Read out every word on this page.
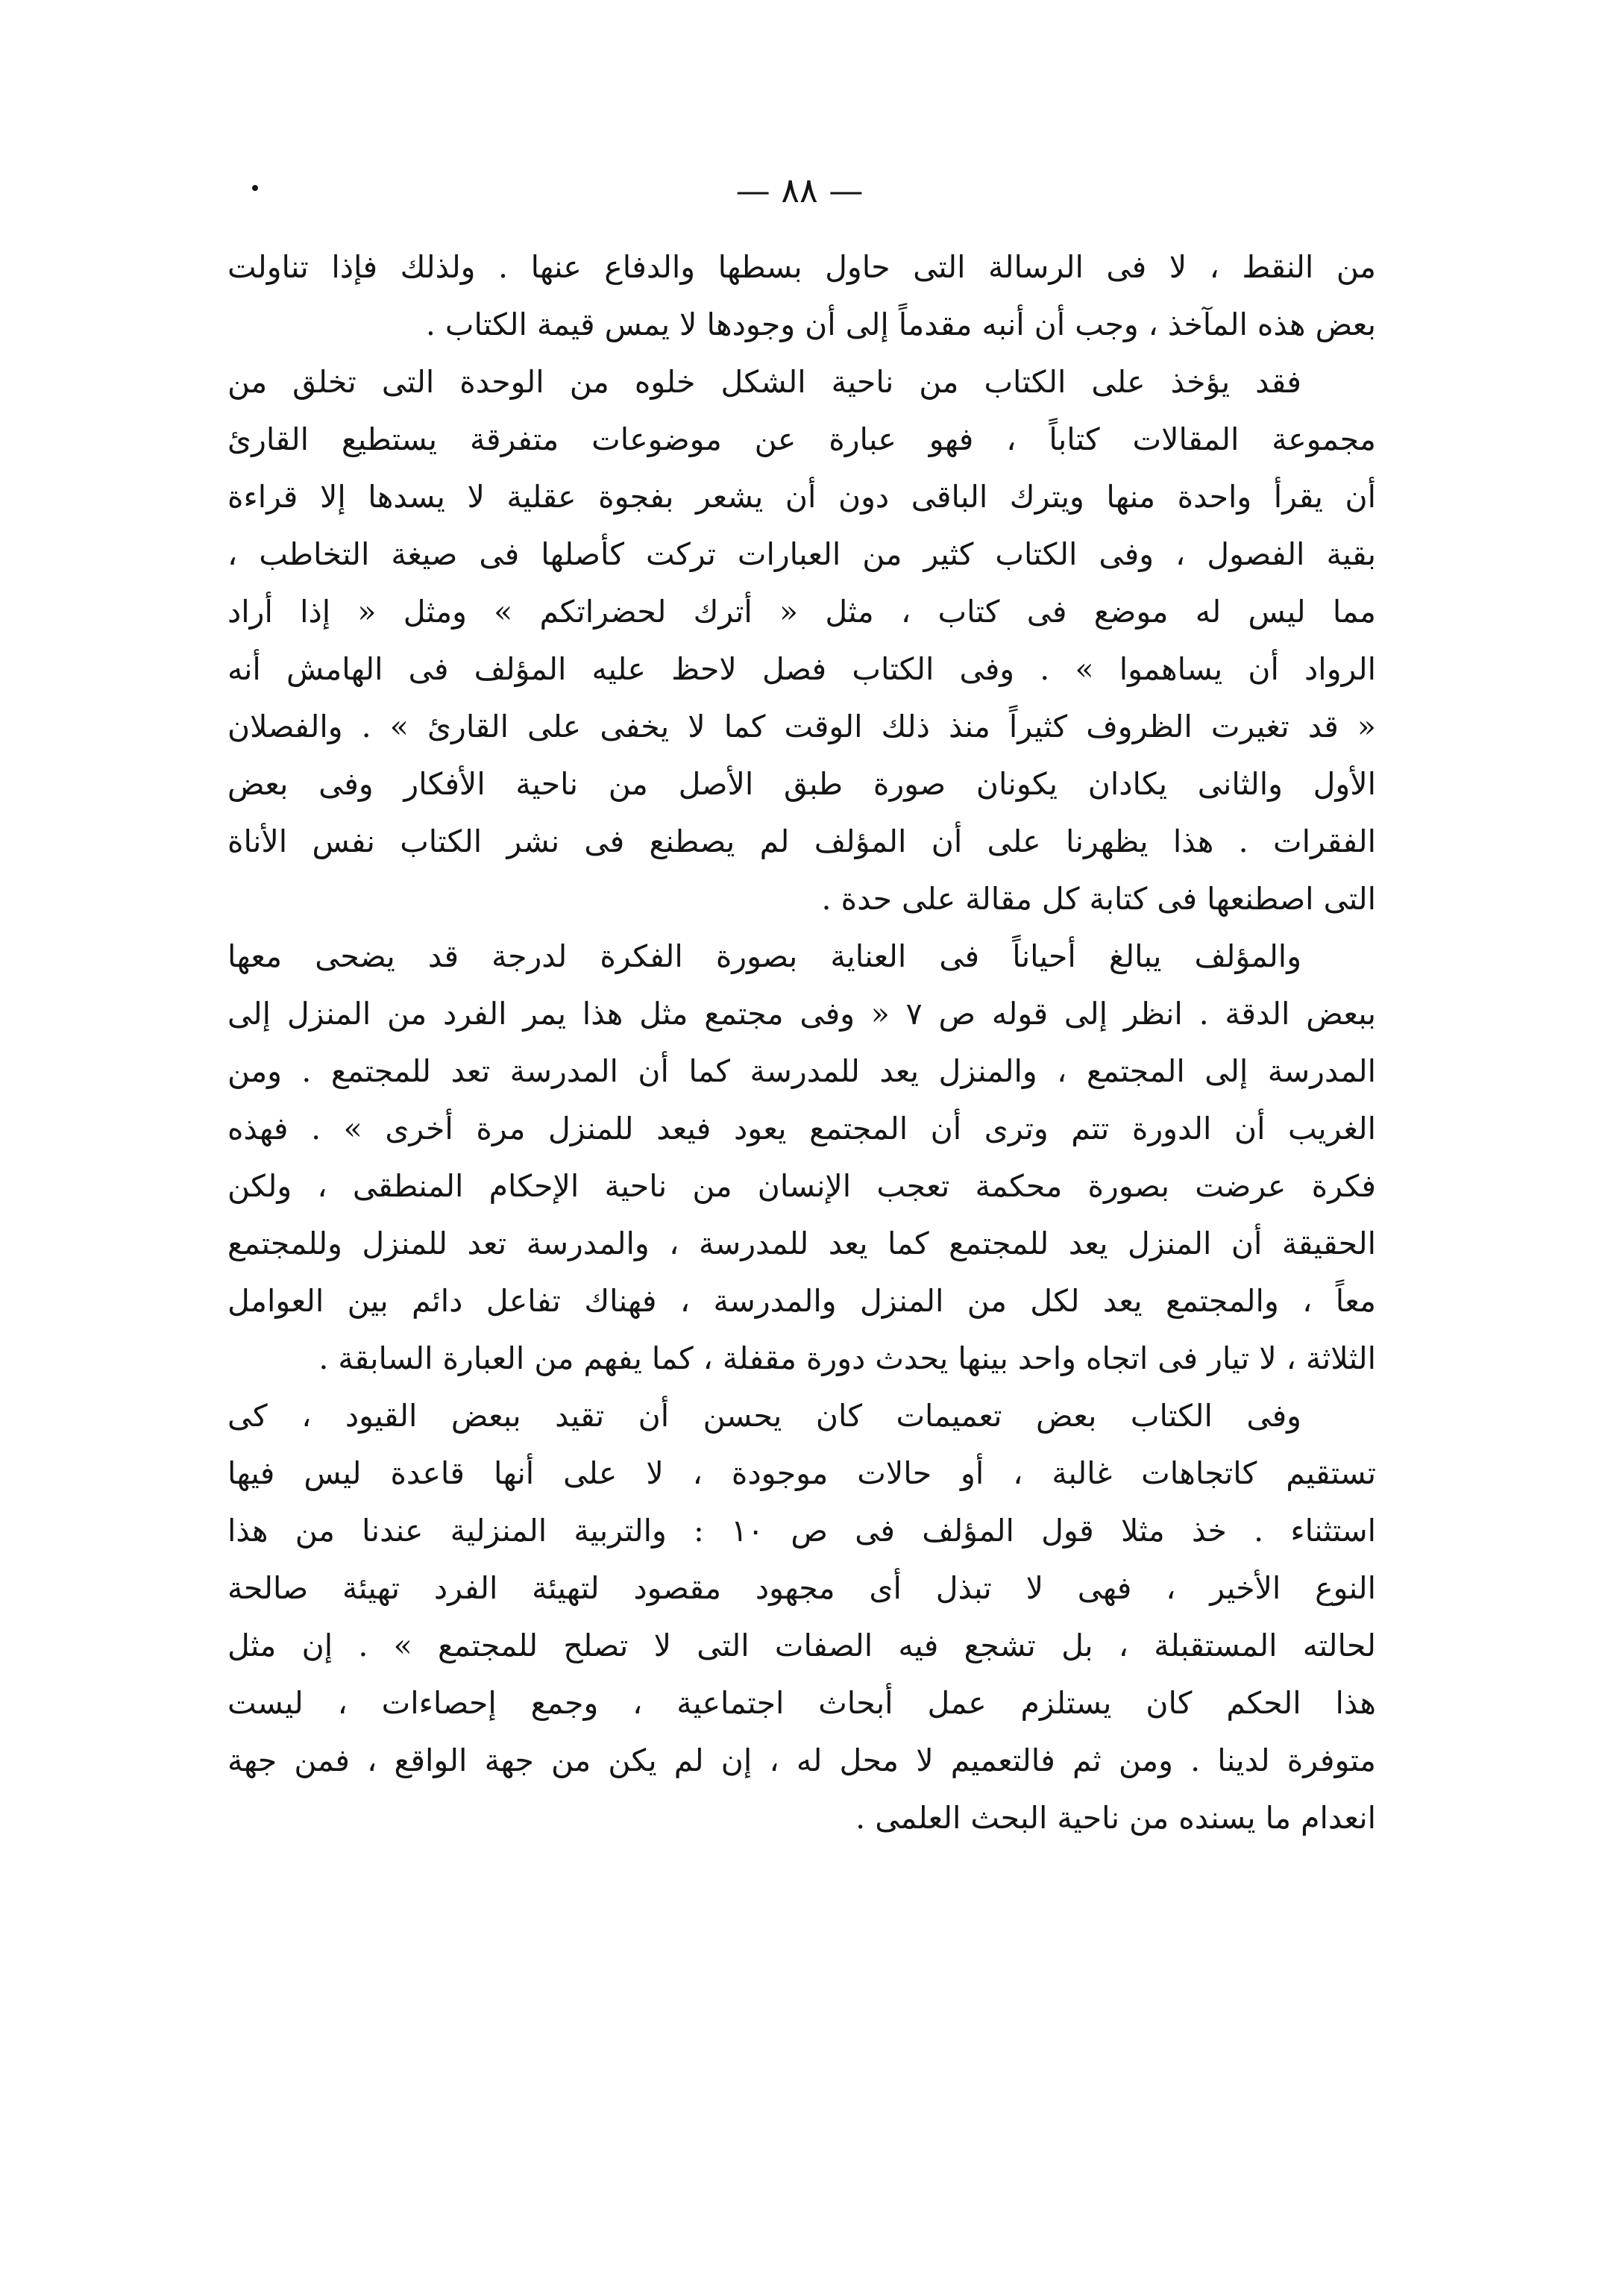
— ٨٨ —
من النقط ، لا فى الرسالة التى حاول بسطها والدفاع عنها . ولذلك فإذا تناولت
بعض هذه المآخذ ، وجب أن أنبه مقدماً إلى أن وجودها لا يمس قيمة الكتاب .
فقد يؤخذ على الكتاب من ناحية الشكل خلوه من الوحدة التى تخلق من
مجموعة المقالات كتاباً ، فهو عبارة عن موضوعات متفرقة يستطيع القارئ
أن يقرأ واحدة منها ويترك الباقى دون أن يشعر بفجوة عقلية لا يسدها إلا قراءة
بقية الفصول ، وفى الكتاب كثير من العبارات تركت كأصلها فى صيغة التخاطب ،
مما ليس له موضع فى كتاب ، مثل « أترك لحضراتكم » ومثل « إذا أراد
الرواد أن يساهموا » . وفى الكتاب فصل لاحظ عليه المؤلف فى الهامش أنه
« قد تغيرت الظروف كثيراً منذ ذلك الوقت كما لا يخفى على القارئ » . والفصلان
الأول والثانى يكادان يكونان صورة طبق الأصل من ناحية الأفكار وفى بعض
الفقرات . هذا يظهرنا على أن المؤلف لم يصطنع فى نشر الكتاب نفس الأناة
التى اصطنعها فى كتابة كل مقالة على حدة .
والمؤلف يبالغ أحياناً فى العناية بصورة الفكرة لدرجة قد يضحى معها
ببعض الدقة . انظر إلى قوله ص ٧ « وفى مجتمع مثل هذا يمر الفرد من المنزل إلى
المدرسة إلى المجتمع ، والمنزل يعد للمدرسة كما أن المدرسة تعد للمجتمع . ومن
الغريب أن الدورة تتم وترى أن المجتمع يعود فيعد للمنزل مرة أخرى » . فهذه
فكرة عرضت بصورة محكمة تعجب الإنسان من ناحية الإحكام المنطقى ، ولكن
الحقيقة أن المنزل يعد للمجتمع كما يعد للمدرسة ، والمدرسة تعد للمنزل وللمجتمع
معاً ، والمجتمع يعد لكل من المنزل والمدرسة ، فهناك تفاعل دائم بين العوامل
الثلاثة ، لا تيار فى اتجاه واحد بينها يحدث دورة مقفلة ، كما يفهم من العبارة السابقة .
وفى الكتاب بعض تعميمات كان يحسن أن تقيد ببعض القيود ، كى
تستقيم كاتجاهات غالبة ، أو حالات موجودة ، لا على أنها قاعدة ليس فيها
استثناء . خذ مثلا قول المؤلف فى ص ١٠ : والتربية المنزلية عندنا من هذا
النوع الأخير ، فهى لا تبذل أى مجهود مقصود لتهيئة الفرد تهيئة صالحة
لحالته المستقبلة ، بل تشجع فيه الصفات التى لا تصلح للمجتمع » . إن مثل
هذا الحكم كان يستلزم عمل أبحاث اجتماعية ، وجمع إحصاءات ، ليست
متوفرة لدينا . ومن ثم فالتعميم لا محل له ، إن لم يكن من جهة الواقع ، فمن جهة
انعدام ما يسنده من ناحية البحث العلمى .
